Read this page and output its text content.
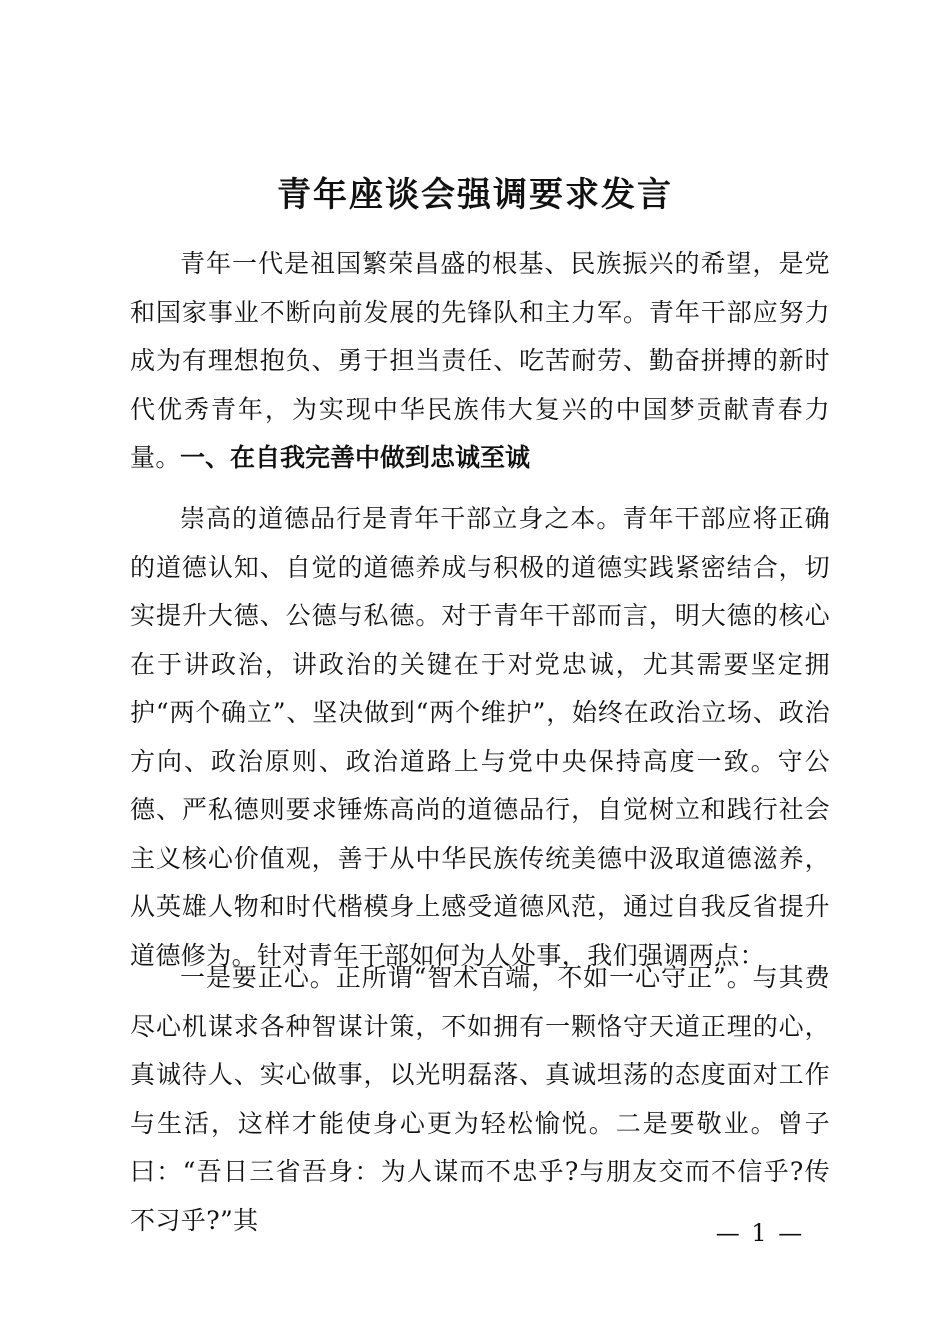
青年座谈会强调要求发言

青年一代是祖国繁荣昌盛的根基、民族振兴的希望，是党和国家事业不断向前发展的先锋队和主力军。青年干部应努力成为有理想抱负、勇于担当责任、吃苦耐劳、勤奋拼搏的新时代优秀青年，为实现中华民族伟大复兴的中国梦贡献青春力量。 一、在自我完善中做到忠诚至诚

崇高的道德品行是青年干部立身之本。青年干部应将正确的道德认知、自觉的道德养成与积极的道德实践紧密结合，切实提升大德、公德与私德。对于青年干部而言，明大德的核心在于讲政治，讲政治的关键在于对党忠诚，尤其需要坚定拥护“两个确立”、坚决做到“两个维护”，始终在政治立场、政治方向、政治原则、政治道路上与党中央保持高度一致。守公德、严私德则要求锤炼高尚的道德品行，自觉树立和践行社会主义核心价值观，善于从中华民族传统美德中汲取道德滋养，从英雄人物和时代楷模身上感受道德风范，通过自我反省提升道德修为。针对青年干部如何为人处事，我们强调两点：

一是要正心。正所谓“智术百端，不如一心守正”。与其费尽心机谋求各种智谋计策，不如拥有一颗恪守天道正理的心，真诚待人、实心做事，以光明磊落、真诚坦荡的态度面对工作与生活，这样才能使身心更为轻松愉悦。二是要敬业。曾子曰：“吾日三省吾身：为人谋而不忠乎?与朋友交而不信乎?传不习乎?”其	— 1 —
